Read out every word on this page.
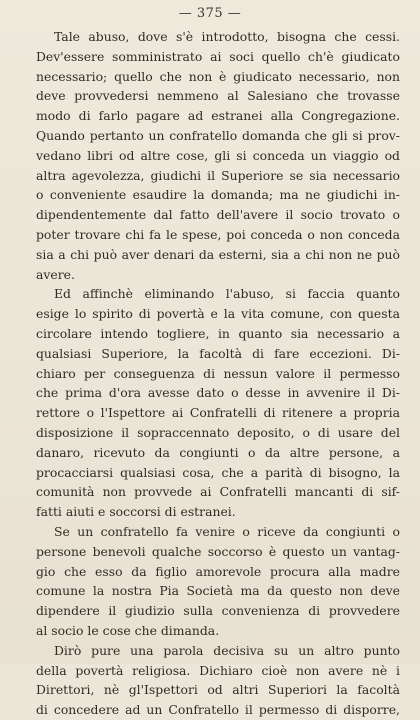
— 375 —
Tale abuso, dove s'è introdotto, bisogna che cessi.
Dev'essere somministrato ai soci quello ch'è giudicato
necessario; quello che non è giudicato necessario, non
deve provvedersi nemmeno al Salesiano che trovasse
modo di farlo pagare ad estranei alla Congregazione.
Quando pertanto un confratello domanda che gli si prov-
vedano libri od altre cose, gli si conceda un viaggio od
altra agevolezza, giudichi il Superiore se sia necessario
o conveniente esaudire la domanda; ma ne giudichi in-
dipendentemente dal fatto dell'avere il socio trovato o
poter trovare chi fa le spese, poi conceda o non conceda
sia a chi può aver denari da esterni, sia a chi non ne può
avere.
Ed affinchè eliminando l'abuso, si faccia quanto
esige lo spirito di povertà e la vita comune, con questa
circolare intendo togliere, in quanto sia necessario a
qualsiasi Superiore, la facoltà di fare eccezioni. Di-
chiaro per conseguenza di nessun valore il permesso
che prima d'ora avesse dato o desse in avvenire il Di-
rettore o l'Ispettore ai Confratelli di ritenere a propria
disposizione il sopraccennato deposito, o di usare del
danaro, ricevuto da congiunti o da altre persone, a
procacciarsi qualsiasi cosa, che a parità di bisogno, la
comunità non provvede ai Confratelli mancanti di sif-
fatti aiuti e soccorsi di estranei.
Se un confratello fa venire o riceve da congiunti o
persone benevoli qualche soccorso è questo un vantag-
gio che esso da figlio amorevole procura alla madre
comune la nostra Pia Società ma da questo non deve
dipendere il giudizio sulla convenienza di provvedere
al socio le cose che dimanda.
Dirò pure una parola decisiva su un altro punto
della povertà religiosa. Dichiaro cioè non avere nè i
Direttori, nè gl'Ispettori od altri Superiori la facoltà
di concedere ad un Confratello il permesso di disporre,
